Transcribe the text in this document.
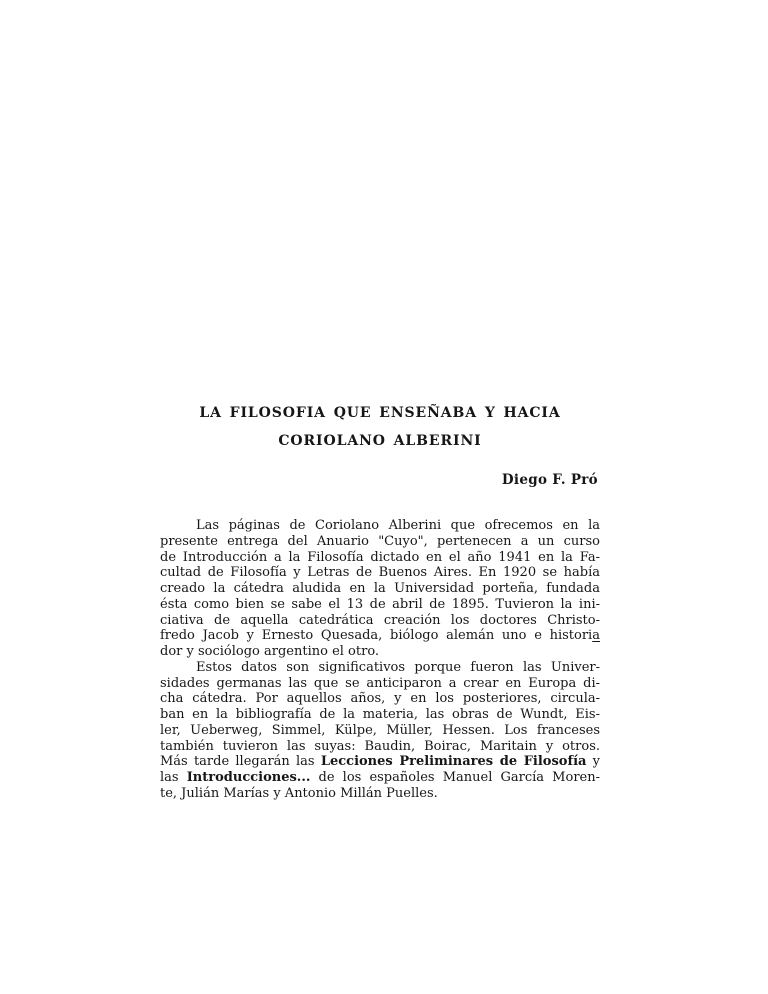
LA FILOSOFIA QUE ENSEÑABA Y HACIA
CORIOLANO ALBERINI
Diego F. Pró
Las páginas de Coriolano Alberini que ofrecemos en la
presente entrega del Anuario "Cuyo", pertenecen a un curso
de Introducción a la Filosofía dictado en el año 1941 en la Fa-
cultad de Filosofía y Letras de Buenos Aires. En 1920 se había
creado la cátedra aludida en la Universidad porteña, fundada
ésta como bien se sabe el 13 de abril de 1895. Tuvieron la ini-
ciativa de aquella catedrática creación los doctores Christo-
fredo Jacob y Ernesto Quesada, biólogo alemán uno e historia
dor y sociólogo argentino el otro.
Estos datos son significativos porque fueron las Univer-
sidades germanas las que se anticiparon a crear en Europa di-
cha cátedra. Por aquellos años, y en los posteriores, circula-
ban en la bibliografía de la materia, las obras de Wundt, Eis-
ler, Ueberweg, Simmel, Külpe, Müller, Hessen. Los franceses
también tuvieron las suyas: Baudin, Boirac, Maritain y otros.
Más tarde llegarán las Lecciones Preliminares de Filosofía y
las Introducciones... de los españoles Manuel García Moren-
te, Julián Marías y Antonio Millán Puelles.
